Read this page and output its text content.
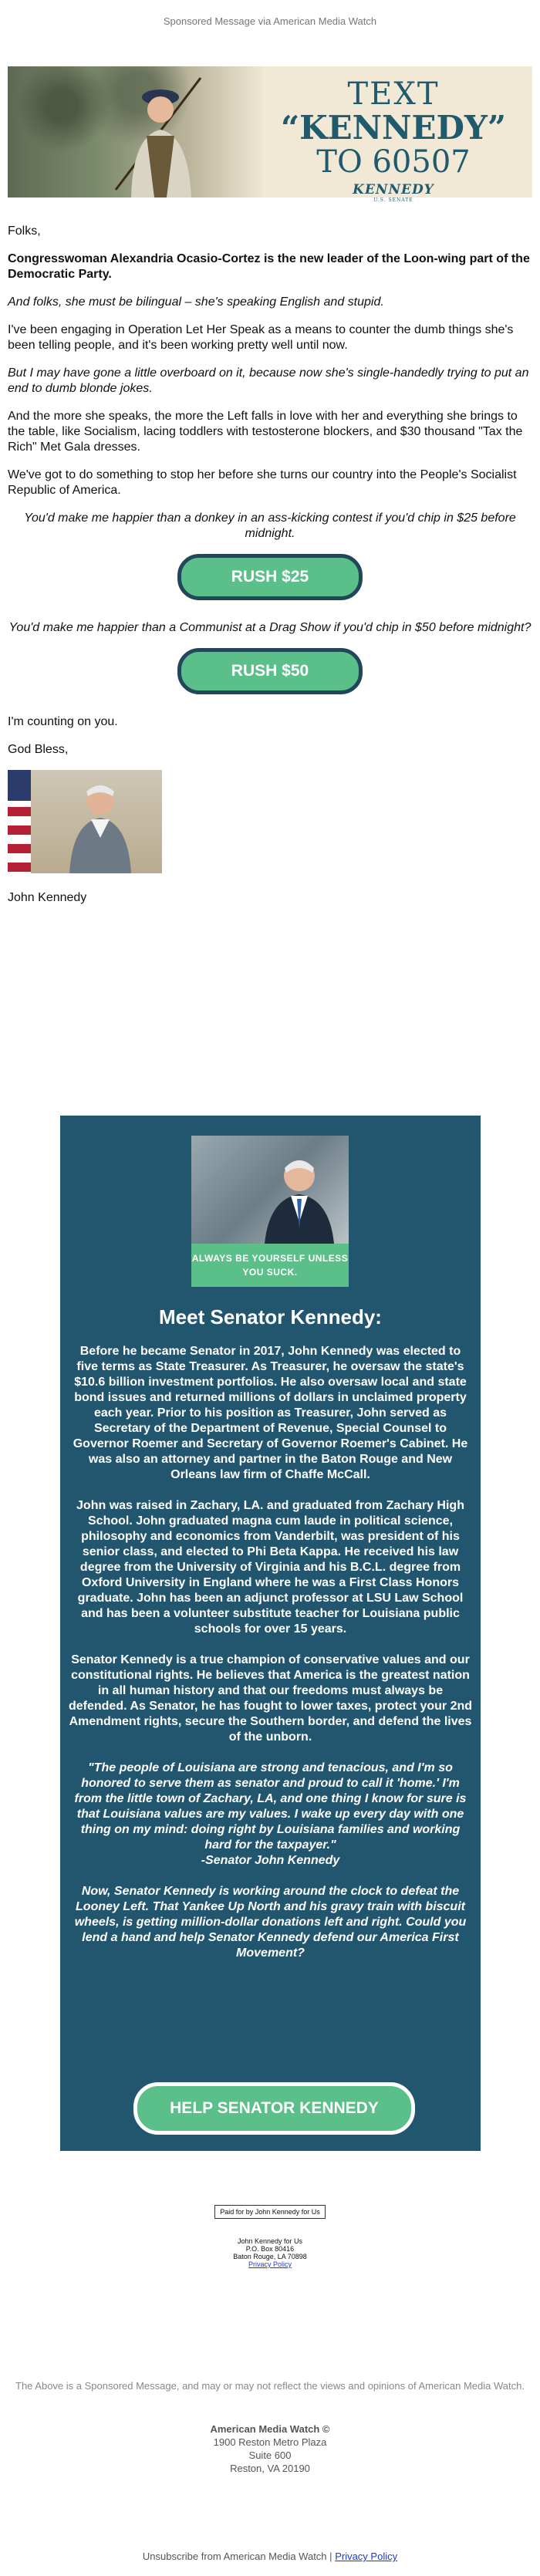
Sponsored Message via American Media Watch
TEXT
“KENNEDY”
TO 60507
KENNEDY
U.S. SENATE

Folks,

Congresswoman Alexandria Ocasio-Cortez is the new leader of the Loon-wing part of the Democratic Party.

And folks, she must be bilingual – she's speaking English and stupid.

I've been engaging in Operation Let Her Speak as a means to counter the dumb things she's been telling people, and it's been working pretty well until now.

But I may have gone a little overboard on it, because now she's single-handedly trying to put an end to dumb blonde jokes.

And the more she speaks, the more the Left falls in love with her and everything she brings to the table, like Socialism, lacing toddlers with testosterone blockers, and $30 thousand "Tax the Rich" Met Gala dresses.

We've got to do something to stop her before she turns our country into the People's Socialist Republic of America.

You'd make me happier than a donkey in an ass-kicking contest if you'd chip in $25 before midnight.

RUSH $25

You'd make me happier than a Communist at a Drag Show if you'd chip in $50 before midnight?

RUSH $50

I'm counting on you.

God Bless,

John Kennedy

ALWAYS BE YOURSELF UNLESS YOU SUCK.
Meet Senator Kennedy:

Before he became Senator in 2017, John Kennedy was elected to five terms as State Treasurer. As Treasurer, he oversaw the state's $10.6 billion investment portfolios. He also oversaw local and state bond issues and returned millions of dollars in unclaimed property each year. Prior to his position as Treasurer, John served as Secretary of the Department of Revenue, Special Counsel to Governor Roemer and Secretary of Governor Roemer's Cabinet. He was also an attorney and partner in the Baton Rouge and New Orleans law firm of Chaffe McCall.

John was raised in Zachary, LA. and graduated from Zachary High School. John graduated magna cum laude in political science, philosophy and economics from Vanderbilt, was president of his senior class, and elected to Phi Beta Kappa. He received his law degree from the University of Virginia and his B.C.L. degree from Oxford University in England where he was a First Class Honors graduate. John has been an adjunct professor at LSU Law School and has been a volunteer substitute teacher for Louisiana public schools for over 15 years.

Senator Kennedy is a true champion of conservative values and our constitutional rights. He believes that America is the greatest nation in all human history and that our freedoms must always be defended. As Senator, he has fought to lower taxes, protect your 2nd Amendment rights, secure the Southern border, and defend the lives of the unborn.

"The people of Louisiana are strong and tenacious, and I'm so honored to serve them as senator and proud to call it 'home.' I'm from the little town of Zachary, LA, and one thing I know for sure is that Louisiana values are my values. I wake up every day with one thing on my mind: doing right by Louisiana families and working hard for the taxpayer."

-Senator John Kennedy

Now, Senator Kennedy is working around the clock to defeat the Looney Left. That Yankee Up North and his gravy train with biscuit wheels, is getting million-dollar donations left and right. Could you lend a hand and help Senator Kennedy defend our America First Movement?

HELP SENATOR KENNEDY
Paid for by John Kennedy for Us
John Kennedy for Us
P.O. Box 80416
Baton Rouge, LA 70898
Privacy Policy
The Above is a Sponsored Message, and may or may not reflect the views and opinions of American Media Watch.
American Media Watch ©
1900 Reston Metro Plaza
Suite 600
Reston, VA 20190
Unsubscribe from American Media Watch | Privacy Policy
